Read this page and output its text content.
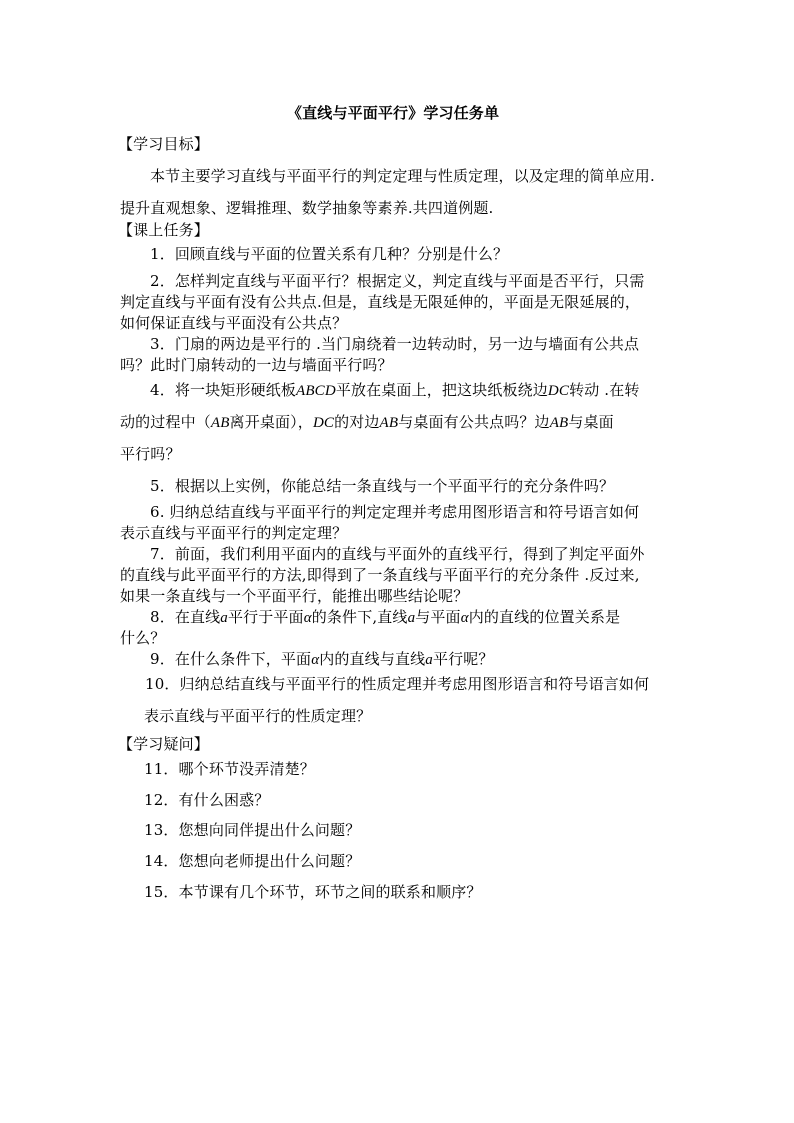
《直线与平面平行》学习任务单
【学习目标】
本节主要学习直线与平面平行的判定定理与性质定理，以及定理的简单应用.
提升直观想象、逻辑推理、数学抽象等素养.共四道例题.
【课上任务】
1．回顾直线与平面的位置关系有几种？分别是什么？
2．怎样判定直线与平面平行？根据定义，判定直线与平面是否平行，只需
判定直线与平面有没有公共点.但是，直线是无限延伸的，平面是无限延展的，
如何保证直线与平面没有公共点？
3．门扇的两边是平行的 .当门扇绕着一边转动时，另一边与墙面有公共点
吗？此时门扇转动的一边与墙面平行吗？
4．将一块矩形硬纸板ABCD平放在桌面上，把这块纸板绕边DC转动 .在转
动的过程中（AB离开桌面），DC的对边AB与桌面有公共点吗？边AB与桌面
平行吗？
5．根据以上实例，你能总结一条直线与一个平面平行的充分条件吗？
6. 归纳总结直线与平面平行的判定定理并考虑用图形语言和符号语言如何
表示直线与平面平行的判定定理？
7．前面，我们利用平面内的直线与平面外的直线平行，得到了判定平面外
的直线与此平面平行的方法,即得到了一条直线与平面平行的充分条件 .反过来,
如果一条直线与一个平面平行，能推出哪些结论呢？
8．在直线a平行于平面α的条件下,直线a与平面α内的直线的位置关系是
什么？
9．在什么条件下，平面α内的直线与直线a平行呢？
10．归纳总结直线与平面平行的性质定理并考虑用图形语言和符号语言如何
表示直线与平面平行的性质定理？
【学习疑问】
11．哪个环节没弄清楚？
12．有什么困惑？
13．您想向同伴提出什么问题？
14．您想向老师提出什么问题？
15．本节课有几个环节，环节之间的联系和顺序？
